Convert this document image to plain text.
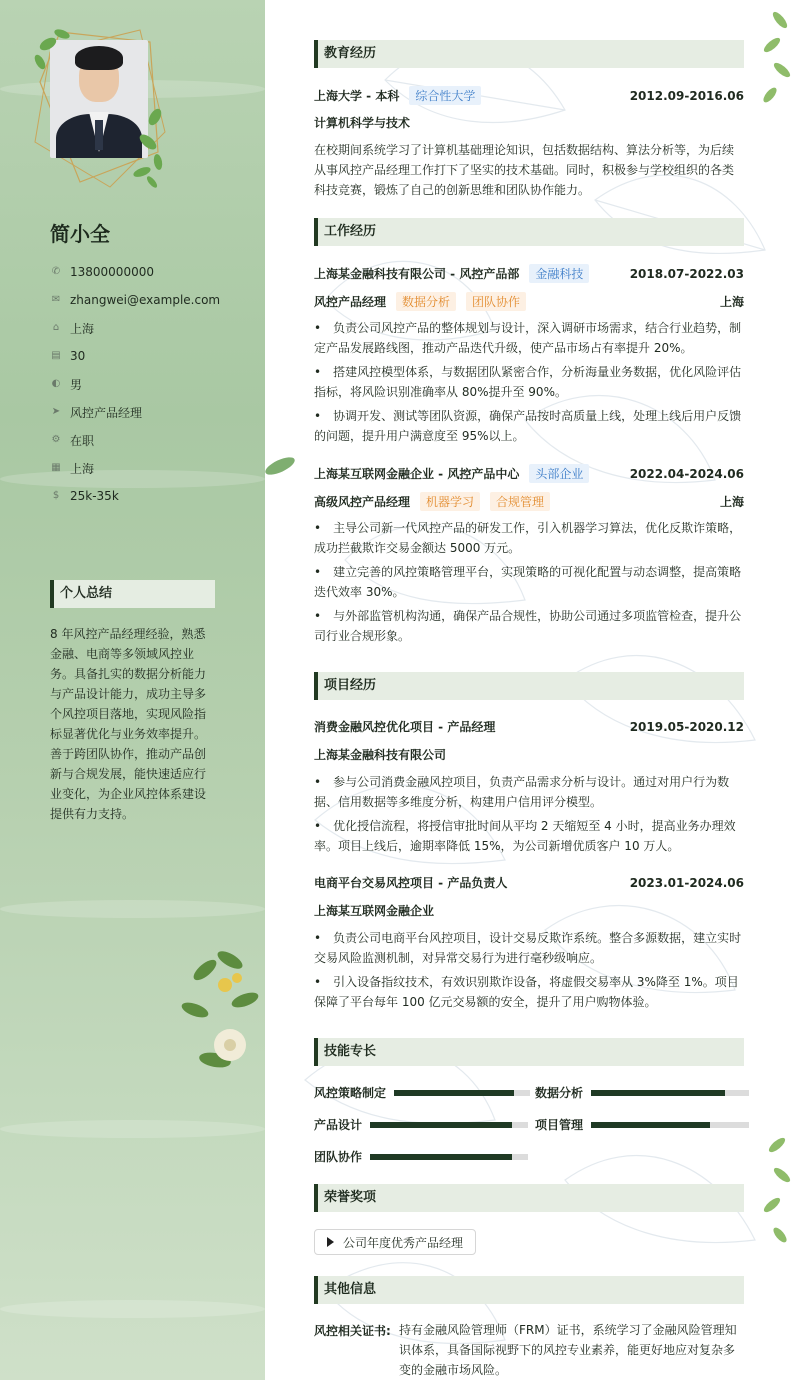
简小全
✆ 13800000000
✉ zhangwei@example.com
⌂ 上海
▤ 30
◐ 男
➤ 风控产品经理
⚙ 在职
▦ 上海
$ 25k-35k
个人总结
8 年风控产品经理经验，熟悉金融、电商等多领域风控业务。具备扎实的数据分析能力与产品设计能力，成功主导多个风控项目落地，实现风险指标显著优化与业务效率提升。善于跨团队协作，推动产品创新与合规发展，能快速适应行业变化，为企业风控体系建设提供有力支持。
教育经历
上海大学 - 本科	综合性大学	2012.09-2016.06
计算机科学与技术
在校期间系统学习了计算机基础理论知识，包括数据结构、算法分析等，为后续从事风控产品经理工作打下了坚实的技术基础。同时，积极参与学校组织的各类科技竞赛，锻炼了自己的创新思维和团队协作能力。
工作经历
上海某金融科技有限公司 - 风控产品部	金融科技	2018.07-2022.03
风控产品经理	数据分析	团队协作	上海
• 负责公司风控产品的整体规划与设计，深入调研市场需求，结合行业趋势，制定产品发展路线图，推动产品迭代升级，使产品市场占有率提升 20%。
• 搭建风控模型体系，与数据团队紧密合作，分析海量业务数据，优化风险评估指标，将风险识别准确率从 80%提升至 90%。
• 协调开发、测试等团队资源，确保产品按时高质量上线，处理上线后用户反馈的问题，提升用户满意度至 95%以上。
上海某互联网金融企业 - 风控产品中心	头部企业	2022.04-2024.06
高级风控产品经理	机器学习	合规管理	上海
• 主导公司新一代风控产品的研发工作，引入机器学习算法，优化反欺诈策略，成功拦截欺诈交易金额达 5000 万元。
• 建立完善的风控策略管理平台，实现策略的可视化配置与动态调整，提高策略迭代效率 30%。
• 与外部监管机构沟通，确保产品合规性，协助公司通过多项监管检查，提升公司行业合规形象。
项目经历
消费金融风控优化项目 - 产品经理	2019.05-2020.12
上海某金融科技有限公司
• 参与公司消费金融风控项目，负责产品需求分析与设计。通过对用户行为数据、信用数据等多维度分析，构建用户信用评分模型。
• 优化授信流程，将授信审批时间从平均 2 天缩短至 4 小时，提高业务办理效率。项目上线后，逾期率降低 15%，为公司新增优质客户 10 万人。
电商平台交易风控项目 - 产品负责人	2023.01-2024.06
上海某互联网金融企业
• 负责公司电商平台风控项目，设计交易反欺诈系统。整合多源数据，建立实时交易风险监测机制，对异常交易行为进行毫秒级响应。
• 引入设备指纹技术，有效识别欺诈设备，将虚假交易率从 3%降至 1%。项目保障了平台每年 100 亿元交易额的安全，提升了用户购物体验。
技能专长
风控策略制定	数据分析
产品设计	项目管理
团队协作
荣誉奖项
公司年度优秀产品经理
其他信息
风控相关证书: 持有金融风险管理师（FRM）证书，系统学习了金融风险管理知识体系，具备国际视野下的风控专业素养，能更好地应对复杂多变的金融市场风险。
